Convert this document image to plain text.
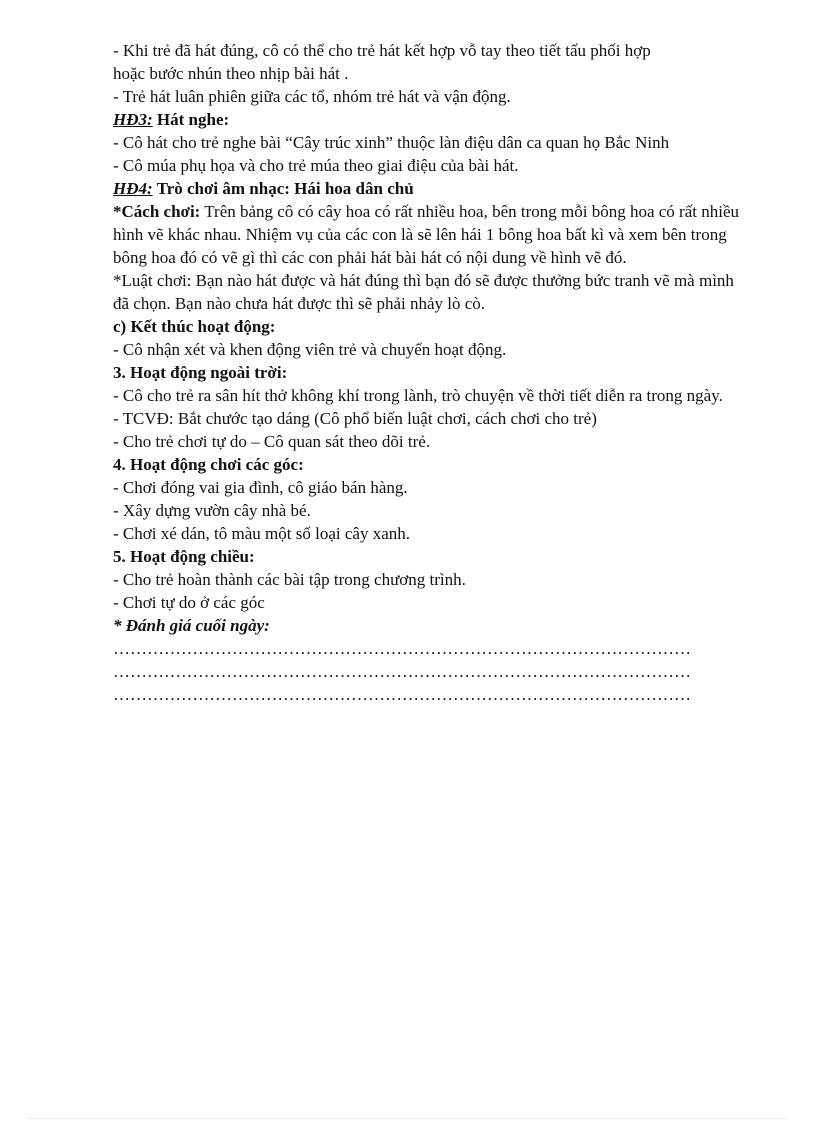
- Khi trẻ đã hát đúng, cô có thể cho trẻ hát kết hợp vỗ tay theo tiết tấu phối hợp

hoặc bước nhún theo nhịp bài hát .

- Trẻ hát luân phiên giữa các tổ, nhóm trẻ hát và vận động.

HĐ3: Hát nghe:

- Cô hát cho trẻ nghe bài “Cây trúc xinh” thuộc làn điệu dân ca quan họ Bắc Ninh

- Cô múa phụ họa và cho trẻ múa theo giai điệu của bài hát.

HĐ4: Trò chơi âm nhạc: Hái hoa dân chủ

*Cách chơi: Trên bảng cô có cây hoa có rất nhiều hoa, bên trong mỗi bông hoa có rất nhiều hình vẽ khác nhau. Nhiệm vụ của các con là sẽ lên hái 1 bông hoa bất kì và xem bên trong bông hoa đó có vẽ gì thì các con phải hát bài hát có nội dung về hình vẽ đó.

*Luật chơi: Bạn nào hát được và hát đúng thì bạn đó sẽ được thưởng bức tranh vẽ mà mình đã chọn. Bạn nào chưa hát được thì sẽ phải nhảy lò cò.

c) Kết thúc hoạt động:

- Cô nhận xét và khen động viên trẻ và chuyển hoạt động.

3. Hoạt động ngoài trời:

- Cô cho trẻ ra sân hít thở không khí trong lành, trò chuyện về thời tiết diễn ra trong ngày.

- TCVĐ: Bắt chước tạo dáng (Cô phổ biến luật chơi, cách chơi cho trẻ)

- Cho trẻ chơi tự do – Cô quan sát theo dõi trẻ.

4. Hoạt động chơi các góc:

- Chơi đóng vai gia đình, cô giáo bán hàng.

- Xây dựng vườn cây nhà bé.

- Chơi xé dán, tô màu một số loại cây xanh.

5. Hoạt động chiều:

- Cho trẻ hoàn thành các bài tập trong chương trình.

- Chơi tự do ở các góc

* Đánh giá cuối ngày:

…………………………………………………………………………………………

…………………………………………………………………………………………

…………………………………………………………………………………………
